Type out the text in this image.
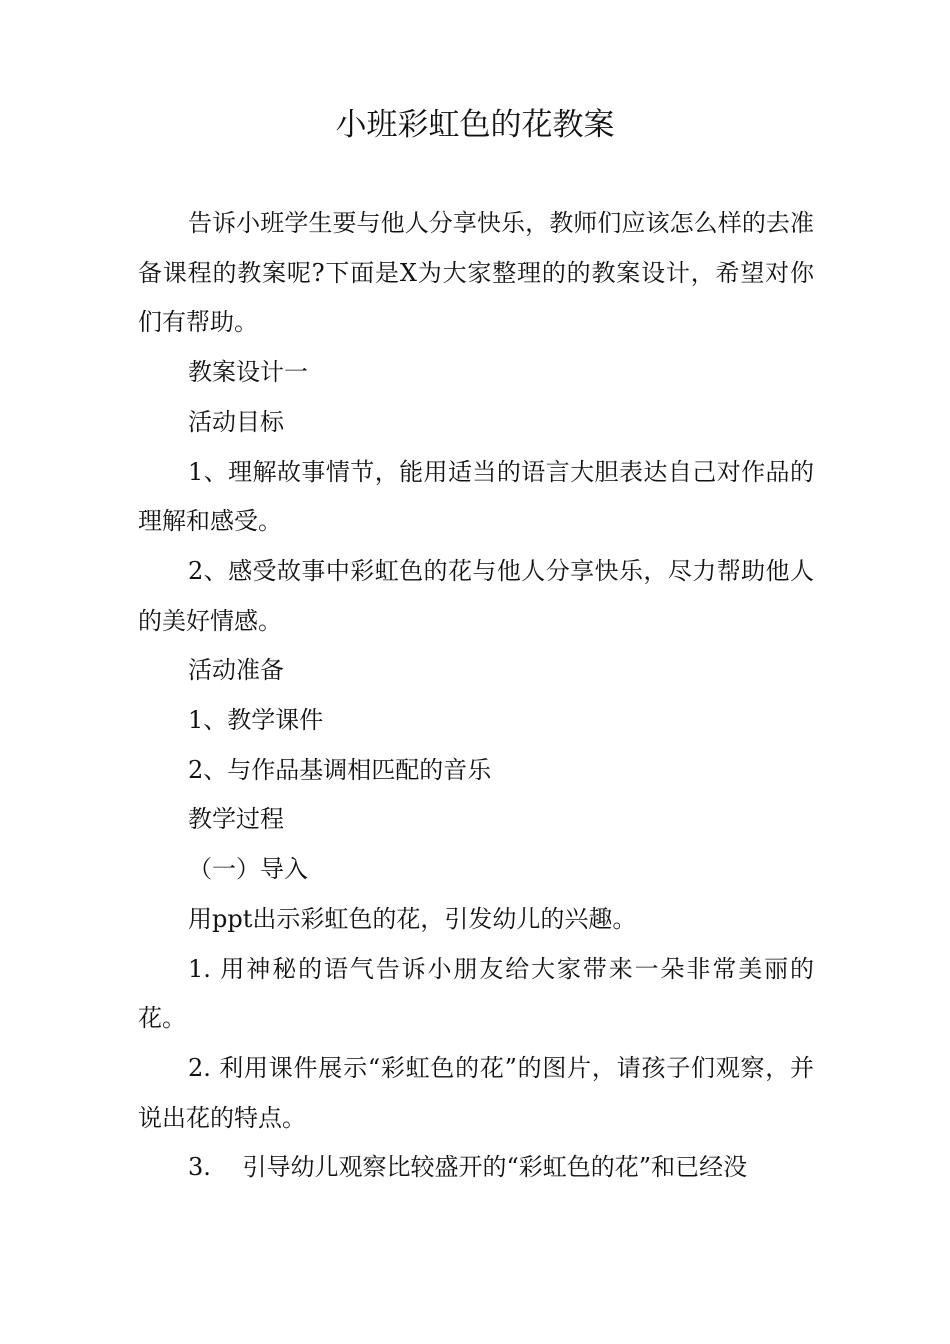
小班彩虹色的花教案

告诉小班学生要与他人分享快乐，教师们应该怎么样的去准备课程的教案呢?下面是X为大家整理的的教案设计，希望对你们有帮助。

教案设计一

活动目标

1、理解故事情节，能用适当的语言大胆表达自己对作品的理解和感受。

2、感受故事中彩虹色的花与他人分享快乐，尽力帮助他人的美好情感。

活动准备

1、教学课件

2、与作品基调相匹配的音乐

教学过程

（一）导入

用ppt出示彩虹色的花，引发幼儿的兴趣。

1. 用神秘的语气告诉小朋友给大家带来一朵非常美丽的花。

2. 利用课件展示“彩虹色的花”的图片，请孩子们观察，并说出花的特点。

3.　 引导幼儿观察比较盛开的“彩虹色的花”和已经没
